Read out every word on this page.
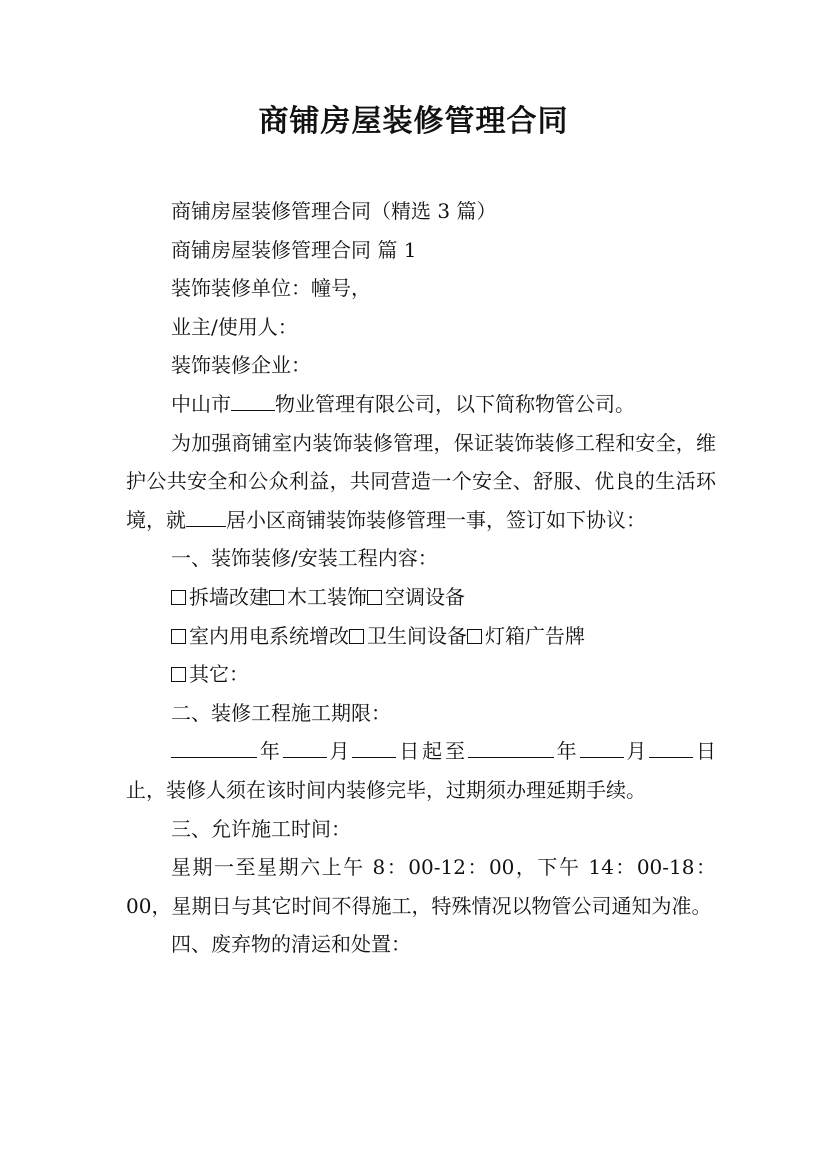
商铺房屋装修管理合同

商铺房屋装修管理合同（精选 3 篇）

商铺房屋装修管理合同 篇 1

装饰装修单位：幢号，

业主/使用人：

装饰装修企业：

中山市 物业管理有限公司，以下简称物管公司。

为加强商铺室内装饰装修管理，保证装饰装修工程和安全，维护公共安全和公众利益，共同营造一个安全、舒服、优良的生活环境，就 居小区商铺装饰装修管理一事，签订如下协议：

一、装饰装修/安装工程内容：

拆墙改建 木工装饰 空调设备

室内用电系统增改 卫生间设备 灯箱广告牌

其它：

二、装修工程施工期限：

年 月 日起至	年 月 日止，装修人须在该时间内装修完毕，过期须办理延期手续。

三、允许施工时间：

星期一至星期六上午 8：00-12：00，下午 14：00-18：00，星期日与其它时间不得施工，特殊情况以物管公司通知为准。

四、废弃物的清运和处置：
